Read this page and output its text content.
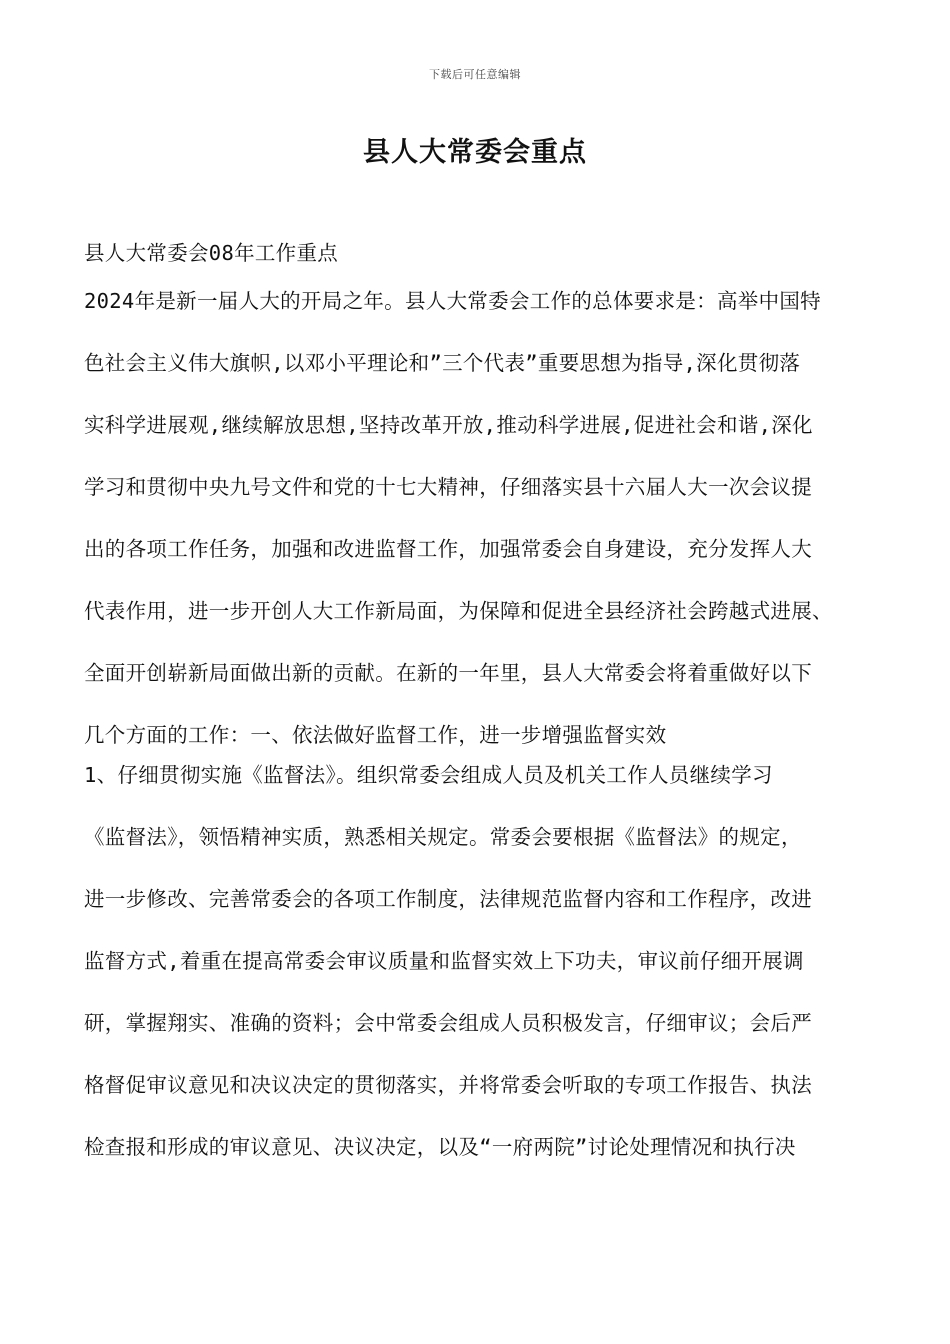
下载后可任意编辑
县人大常委会重点

县人大常委会08年工作重点

2024年是新一届人大的开局之年。县人大常委会工作的总体要求是：高举中国特
色社会主义伟大旗帜,以邓小平理论和”三个代表”重要思想为指导,深化贯彻落
实科学进展观,继续解放思想,坚持改革开放,推动科学进展,促进社会和谐,深化
学习和贯彻中央九号文件和党的十七大精神，仔细落实县十六届人大一次会议提
出的各项工作任务，加强和改进监督工作，加强常委会自身建设，充分发挥人大
代表作用，进一步开创人大工作新局面，为保障和促进全县经济社会跨越式进展、
全面开创崭新局面做出新的贡献。在新的一年里，县人大常委会将着重做好以下
几个方面的工作：一、依法做好监督工作，进一步增强监督实效

1、仔细贯彻实施《监督法》。组织常委会组成人员及机关工作人员继续学习
《监督法》，领悟精神实质，熟悉相关规定。常委会要根据《监督法》的规定，
进一步修改、完善常委会的各项工作制度，法律规范监督内容和工作程序，改进
监督方式,着重在提高常委会审议质量和监督实效上下功夫，审议前仔细开展调
研，掌握翔实、准确的资料；会中常委会组成人员积极发言，仔细审议；会后严
格督促审议意见和决议决定的贯彻落实，并将常委会听取的专项工作报告、执法
检查报和形成的审议意见、决议决定，以及“一府两院”讨论处理情况和执行决
